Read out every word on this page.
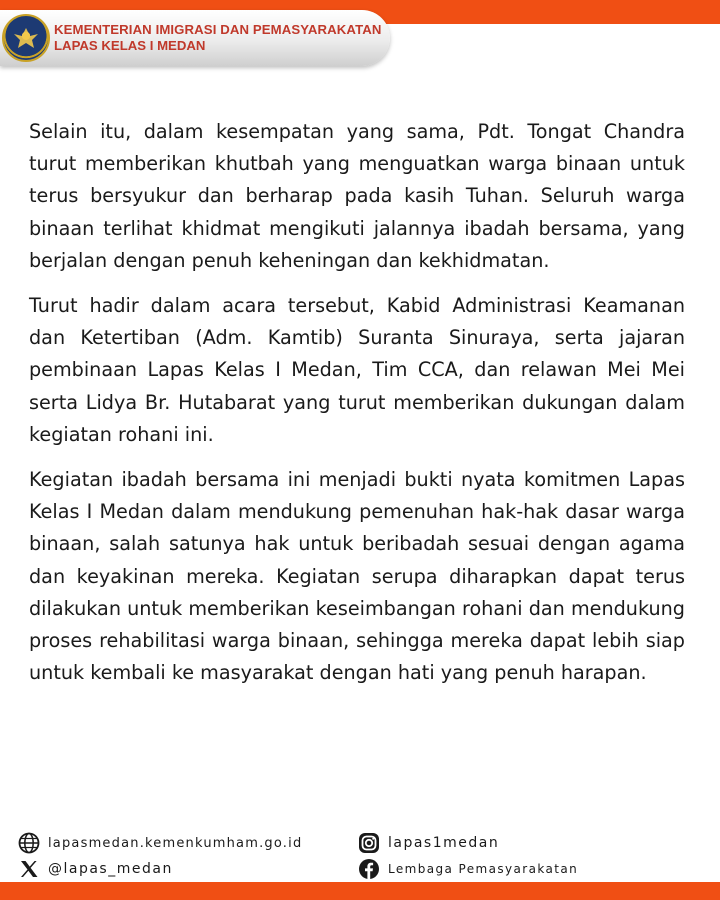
KEMENTERIAN IMIGRASI DAN PEMASYARAKATAN
LAPAS KELAS I MEDAN

Selain itu, dalam kesempatan yang sama, Pdt. Tongat Chandra turut memberikan khutbah yang menguatkan warga binaan untuk terus bersyukur dan berharap pada kasih Tuhan. Seluruh warga binaan terlihat khidmat mengikuti jalannya ibadah bersama, yang berjalan dengan penuh keheningan dan kekhidmatan.

Turut hadir dalam acara tersebut, Kabid Administrasi Keamanan dan Ketertiban (Adm. Kamtib) Suranta Sinuraya, serta jajaran pembinaan Lapas Kelas I Medan, Tim CCA, dan relawan Mei Mei serta Lidya Br. Hutabarat yang turut memberikan dukungan dalam kegiatan rohani ini.

Kegiatan ibadah bersama ini menjadi bukti nyata komitmen Lapas Kelas I Medan dalam mendukung pemenuhan hak-hak dasar warga binaan, salah satunya hak untuk beribadah sesuai dengan agama dan keyakinan mereka. Kegiatan serupa diharapkan dapat terus dilakukan untuk memberikan keseimbangan rohani dan mendukung proses rehabilitasi warga binaan, sehingga mereka dapat lebih siap untuk kembali ke masyarakat dengan hati yang penuh harapan.

lapasmedan.kemenkumham.go.id
@lapas_medan
lapas1medan
Lembaga Pemasyarakatan
